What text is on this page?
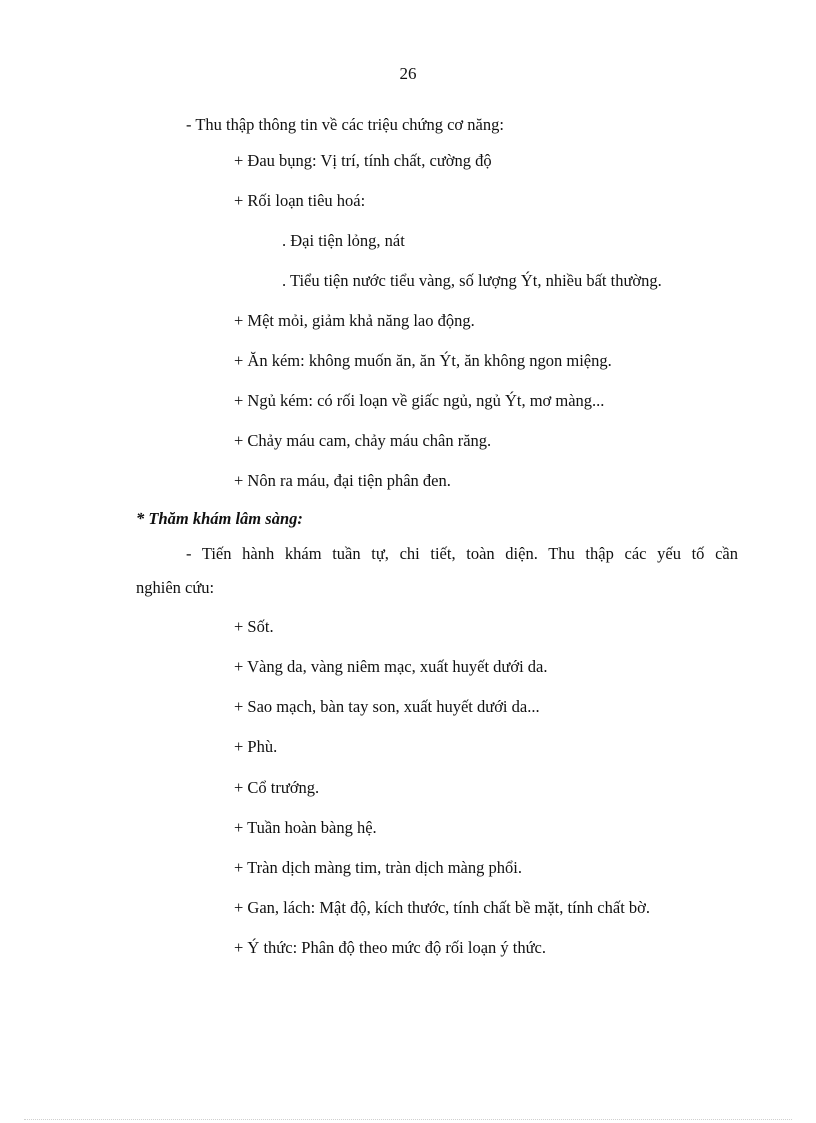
26
- Thu thập thông tin về các triệu chứng cơ năng:
+ Đau bụng: Vị trí, tính chất, cường độ
+ Rối loạn tiêu hoá:
. Đại tiện lỏng, nát
. Tiểu tiện nước tiểu vàng, số lượng Ýt, nhiều bất thường.
+ Mệt mỏi, giảm khả năng lao động.
+ Ăn kém: không muốn ăn, ăn Ýt, ăn không ngon miệng.
+ Ngủ kém: có rối loạn về giấc ngủ, ngủ Ýt, mơ màng...
+ Chảy máu cam, chảy máu chân răng.
+ Nôn ra máu, đại tiện phân đen.
* Thăm khám lâm sàng:
- Tiến hành khám tuần tự, chi tiết, toàn diện. Thu thập các yếu tố cần
nghiên cứu:
+ Sốt.
+ Vàng da, vàng niêm mạc, xuất huyết dưới da.
+ Sao mạch, bàn tay son, xuất huyết dưới da...
+ Phù.
+ Cổ trướng.
+ Tuần hoàn bàng hệ.
+ Tràn dịch màng tim, tràn dịch màng phổi.
+ Gan, lách: Mật độ, kích thước, tính chất bề mặt, tính chất bờ.
+ Ý thức: Phân độ theo mức độ rối loạn ý thức.
